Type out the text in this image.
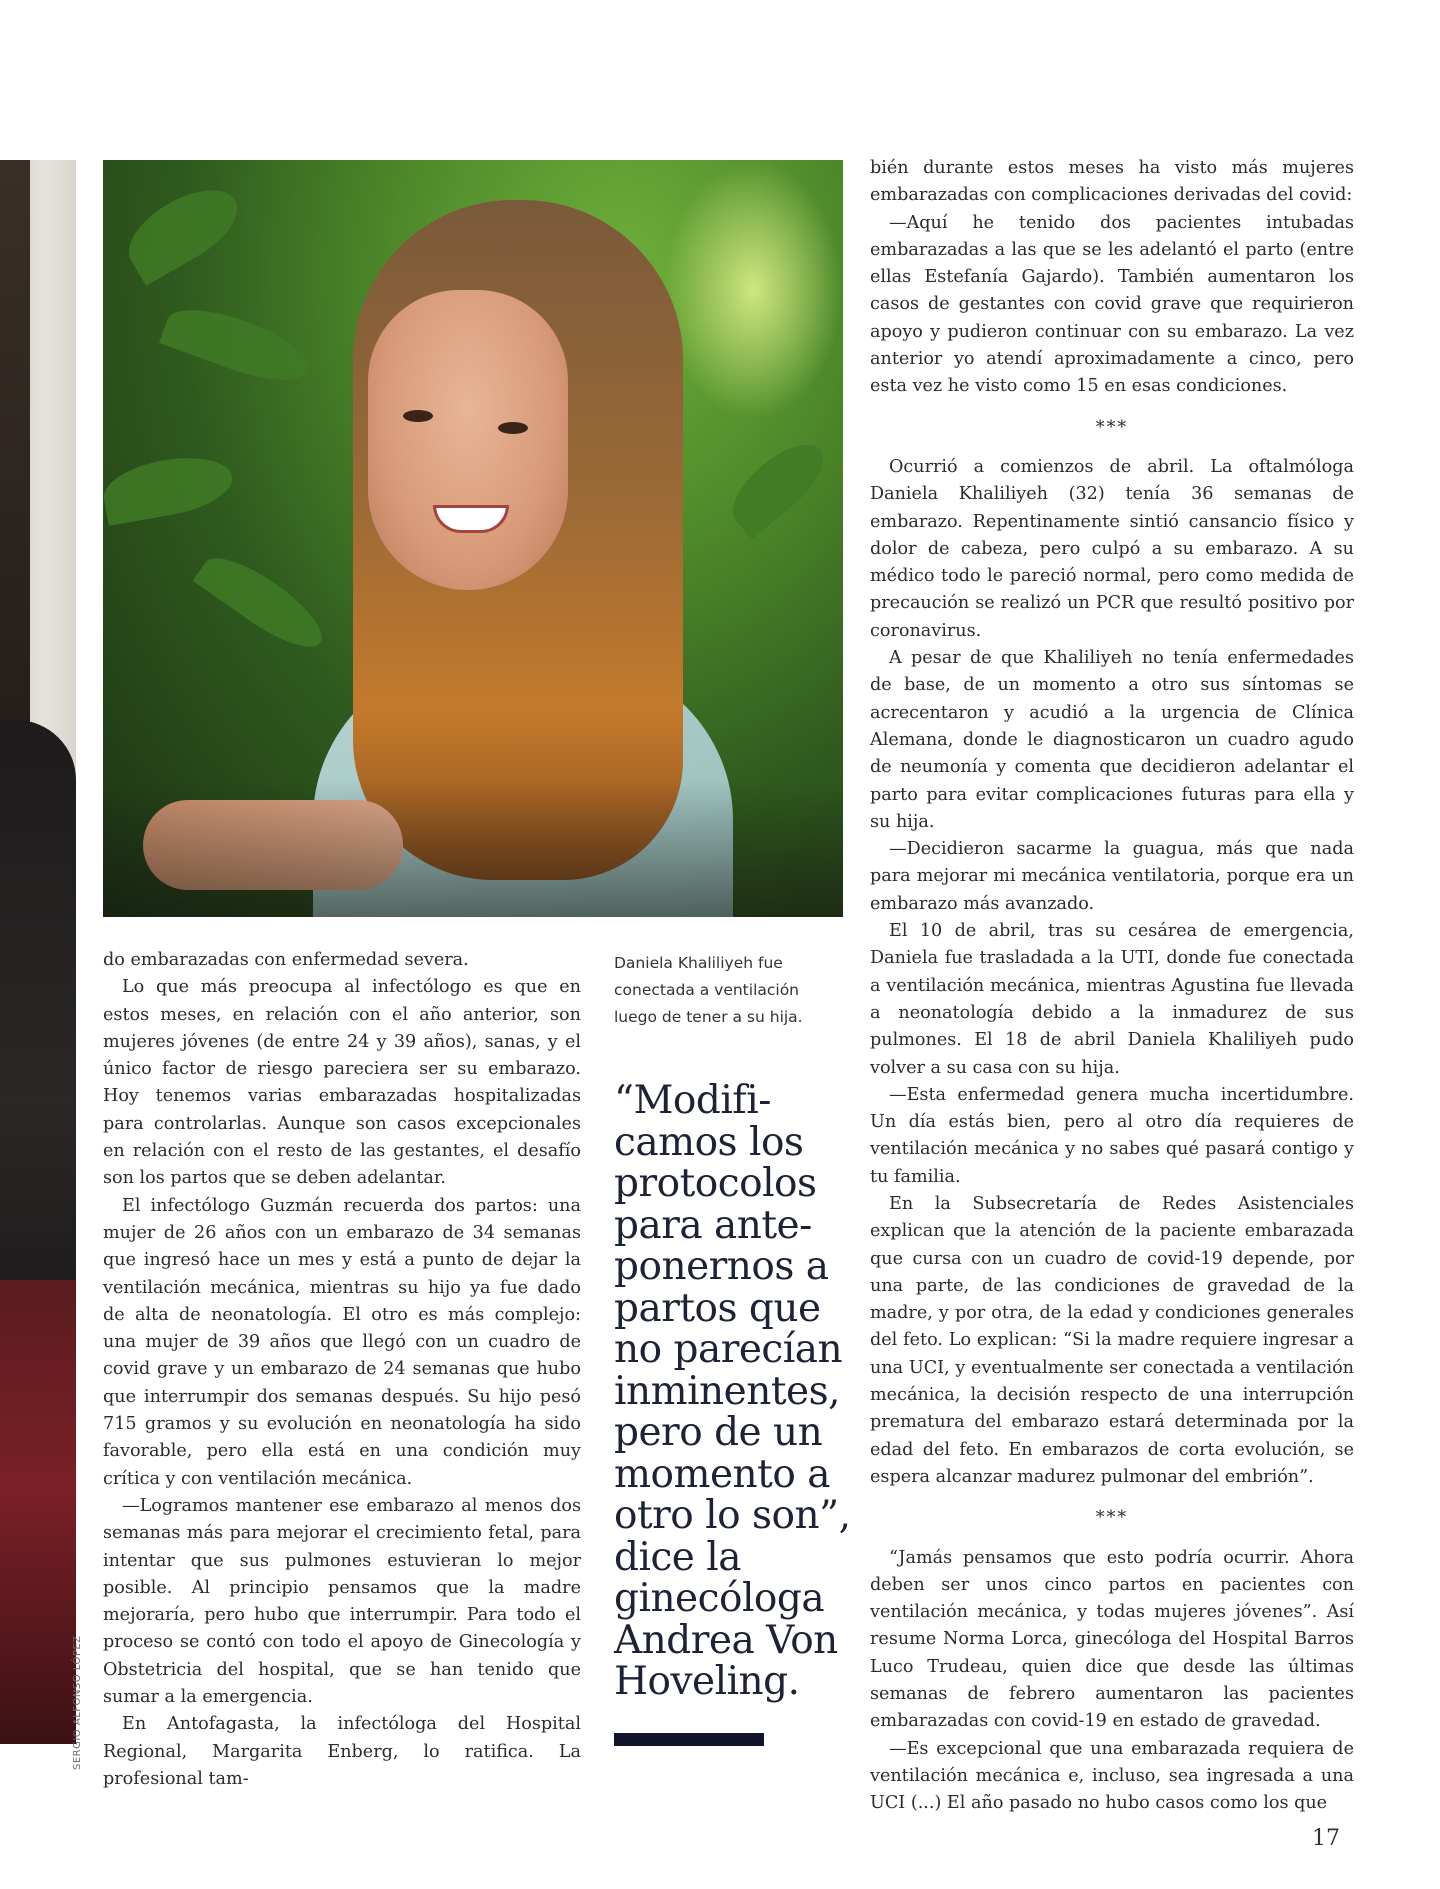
SERGIO ALFONSO LÓPEZ

do embarazadas con enfermedad severa.

Lo que más preocupa al infectólogo es que en estos meses, en relación con el año anterior, son mujeres jóvenes (de entre 24 y 39 años), sanas, y el único factor de riesgo pareciera ser su embarazo. Hoy tenemos varias embarazadas hospitalizadas para controlarlas. Aunque son casos excepcionales en relación con el resto de las gestantes, el desafío son los partos que se deben adelantar.

El infectólogo Guzmán recuerda dos partos: una mujer de 26 años con un embarazo de 34 semanas que ingresó hace un mes y está a punto de dejar la ventilación mecánica, mientras su hijo ya fue dado de alta de neonatología. El otro es más complejo: una mujer de 39 años que llegó con un cuadro de covid grave y un embarazo de 24 semanas que hubo que interrumpir dos semanas después. Su hijo pesó 715 gramos y su evolución en neonatología ha sido favorable, pero ella está en una condición muy crítica y con ventilación mecánica.

—Logramos mantener ese embarazo al menos dos semanas más para mejorar el crecimiento fetal, para intentar que sus pulmones estuvieran lo mejor posible. Al principio pensamos que la madre mejoraría, pero hubo que interrumpir. Para todo el proceso se contó con todo el apoyo de Ginecología y Obstetricia del hospital, que se han tenido que sumar a la emergencia.

En Antofagasta, la infectóloga del Hospital Regional, Margarita Enberg, lo ratifica. La profesional tam-

Daniela Khaliliyeh fue conectada a ventilación luego de tener a su hija.
“Modifi-
camos los
protocolos
para ante-
ponernos a
partos que
no parecían
inminentes,
pero de un
momento a
otro lo son”,
dice la
ginecóloga
Andrea Von
Hoveling.

bién durante estos meses ha visto más mujeres embarazadas con complicaciones derivadas del covid:

—Aquí he tenido dos pacientes intubadas embarazadas a las que se les adelantó el parto (entre ellas Estefanía Gajardo). También aumentaron los casos de gestantes con covid grave que requirieron apoyo y pudieron continuar con su embarazo. La vez anterior yo atendí aproximadamente a cinco, pero esta vez he visto como 15 en esas condiciones.

***

Ocurrió a comienzos de abril. La oftalmóloga Daniela Khaliliyeh (32) tenía 36 semanas de embarazo. Repentinamente sintió cansancio físico y dolor de cabeza, pero culpó a su embarazo. A su médico todo le pareció normal, pero como medida de precaución se realizó un PCR que resultó positivo por coronavirus.

A pesar de que Khaliliyeh no tenía enfermedades de base, de un momento a otro sus síntomas se acrecentaron y acudió a la urgencia de Clínica Alemana, donde le diagnosticaron un cuadro agudo de neumonía y comenta que decidieron adelantar el parto para evitar complicaciones futuras para ella y su hija.

—Decidieron sacarme la guagua, más que nada para mejorar mi mecánica ventilatoria, porque era un embarazo más avanzado.

El 10 de abril, tras su cesárea de emergencia, Daniela fue trasladada a la UTI, donde fue conectada a ventilación mecánica, mientras Agustina fue llevada a neonatología debido a la inmadurez de sus pulmones. El 18 de abril Daniela Khaliliyeh pudo volver a su casa con su hija.

—Esta enfermedad genera mucha incertidumbre. Un día estás bien, pero al otro día requieres de ventilación mecánica y no sabes qué pasará contigo y tu familia.

En la Subsecretaría de Redes Asistenciales explican que la atención de la paciente embarazada que cursa con un cuadro de covid-19 depende, por una parte, de las condiciones de gravedad de la madre, y por otra, de la edad y condiciones generales del feto. Lo explican: “Si la madre requiere ingresar a una UCI, y eventualmente ser conectada a ventilación mecánica, la decisión respecto de una interrupción prematura del embarazo estará determinada por la edad del feto. En embarazos de corta evolución, se espera alcanzar madurez pulmonar del embrión”.

***

“Jamás pensamos que esto podría ocurrir. Ahora deben ser unos cinco partos en pacientes con ventilación mecánica, y todas mujeres jóvenes”. Así resume Norma Lorca, ginecóloga del Hospital Barros Luco Trudeau, quien dice que desde las últimas semanas de febrero aumentaron las pacientes embarazadas con covid-19 en estado de gravedad.

—Es excepcional que una embarazada requiera de ventilación mecánica e, incluso, sea ingresada a una UCI (...) El año pasado no hubo casos como los que

17
